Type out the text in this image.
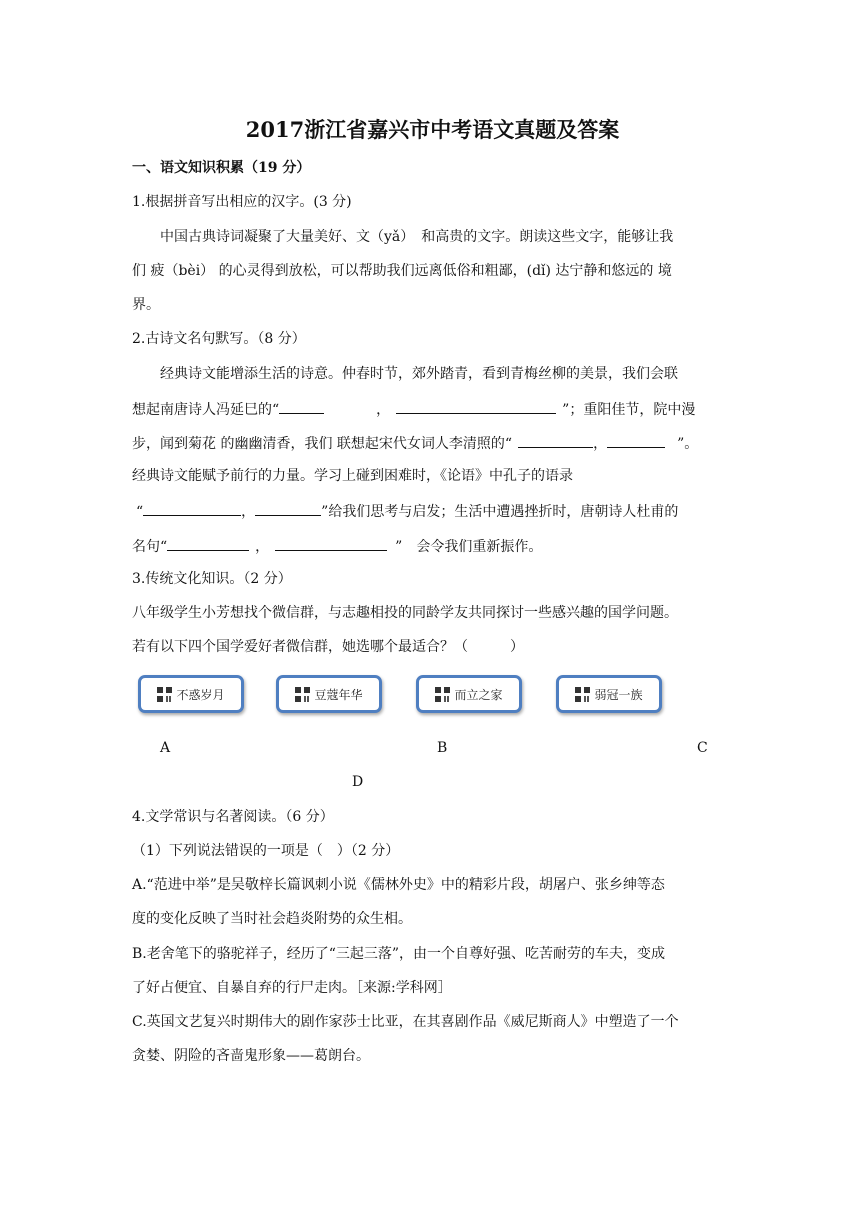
2017浙江省嘉兴市中考语文真题及答案
一、语文知识积累（19 分）
1.根据拼音写出相应的汉字。(3 分)
中国古典诗词凝聚了大量美好、文（yǎ）　和高贵的文字。朗读这些文字，能够让我
们 疲（bèi） 的心灵得到放松，可以帮助我们远离低俗和粗鄙，(dǐ) 达宁静和悠远的 境
界。
2.古诗文名句默写。（8 分）
经典诗文能增添生活的诗意。仲春时节，郊外踏青，看到青梅丝柳的美景，我们会联
想起南唐诗人冯延巳的“	，	”；重阳佳节，院中漫
步，闻到菊花 的幽幽清香，我们 联想起宋代女词人李清照的“	，	”。
经典诗文能赋予前行的力量。学习上碰到困难时，《论语》中孔子的语录
“	，	”给我们思考与启发；生活中遭遇挫折时，唐朝诗人杜甫的
名句“	，	”　会令我们重新振作。
3.传统文化知识。（2 分）
八年级学生小芳想找个微信群，与志趣相投的同龄学友共同探讨一些感兴趣的国学问题。
若有以下四个国学爱好者微信群，她选哪个最适合？（　　　）
不惑岁月	豆蔻年华	而立之家	弱冠一族
A	B	C
D
4.文学常识与名著阅读。（6 分）
（1）下列说法错误的一项是（　）（2 分）
A.“范进中举”是吴敬梓长篇讽刺小说《儒林外史》中的精彩片段，胡屠户、张乡绅等态
度的变化反映了当时社会趋炎附势的众生相。
B.老舍笔下的骆驼祥子，经历了“三起三落”，由一个自尊好强、吃苦耐劳的车夫，变成
了好占便宜、自暴自弃的行尸走肉。［来源:学科网］
C.英国文艺复兴时期伟大的剧作家莎士比亚，在其喜剧作品《威尼斯商人》中塑造了一个
贪婪、阴险的吝啬鬼形象——葛朗台。
